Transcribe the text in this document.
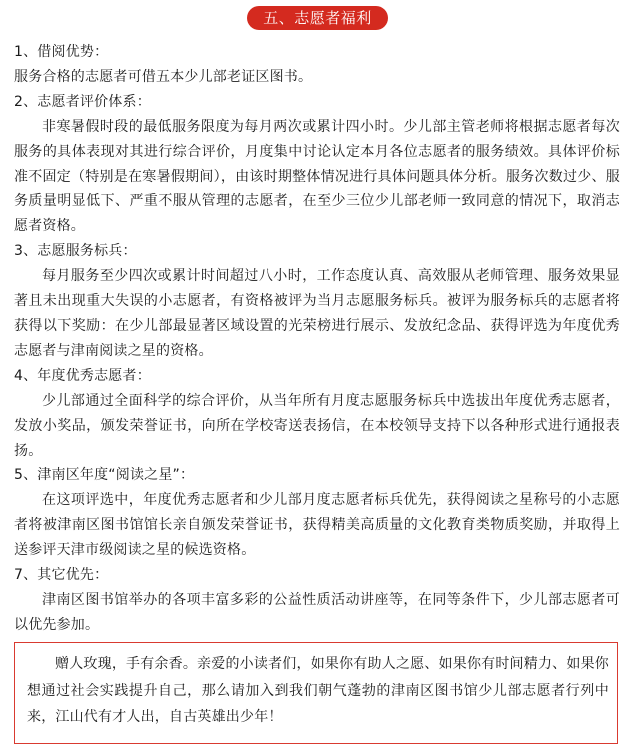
五、志愿者福利
1、借阅优势：
服务合格的志愿者可借五本少儿部老证区图书。
2、志愿者评价体系：

非寒暑假时段的最低服务限度为每月两次或累计四小时。少儿部主管老师将根据志愿者每次服务的具体表现对其进行综合评价，月度集中讨论认定本月各位志愿者的服务绩效。具体评价标准不固定（特别是在寒暑假期间），由该时期整体情况进行具体问题具体分析。服务次数过少、服务质量明显低下、严重不服从管理的志愿者，在至少三位少儿部老师一致同意的情况下，取消志愿者资格。

3、志愿服务标兵：

每月服务至少四次或累计时间超过八小时，工作态度认真、高效服从老师管理、服务效果显著且未出现重大失误的小志愿者，有资格被评为当月志愿服务标兵。被评为服务标兵的志愿者将获得以下奖励：在少儿部最显著区域设置的光荣榜进行展示、发放纪念品、获得评选为年度优秀志愿者与津南阅读之星的资格。

4、年度优秀志愿者：

少儿部通过全面科学的综合评价，从当年所有月度志愿服务标兵中选拔出年度优秀志愿者，发放小奖品，颁发荣誉证书，向所在学校寄送表扬信，在本校领导支持下以各种形式进行通报表扬。

5、津南区年度“阅读之星”：

在这项评选中，年度优秀志愿者和少儿部月度志愿者标兵优先，获得阅读之星称号的小志愿者将被津南区图书馆馆长亲自颁发荣誉证书，获得精美高质量的文化教育类物质奖励，并取得上送参评天津市级阅读之星的候选资格。

7、其它优先：

津南区图书馆举办的各项丰富多彩的公益性质活动讲座等，在同等条件下，少儿部志愿者可以优先参加。

赠人玫瑰，手有余香。亲爱的小读者们，如果你有助人之愿、如果你有时间精力、如果你想通过社会实践提升自己，那么请加入到我们朝气蓬勃的津南区图书馆少儿部志愿者行列中来，江山代有才人出，自古英雄出少年！
